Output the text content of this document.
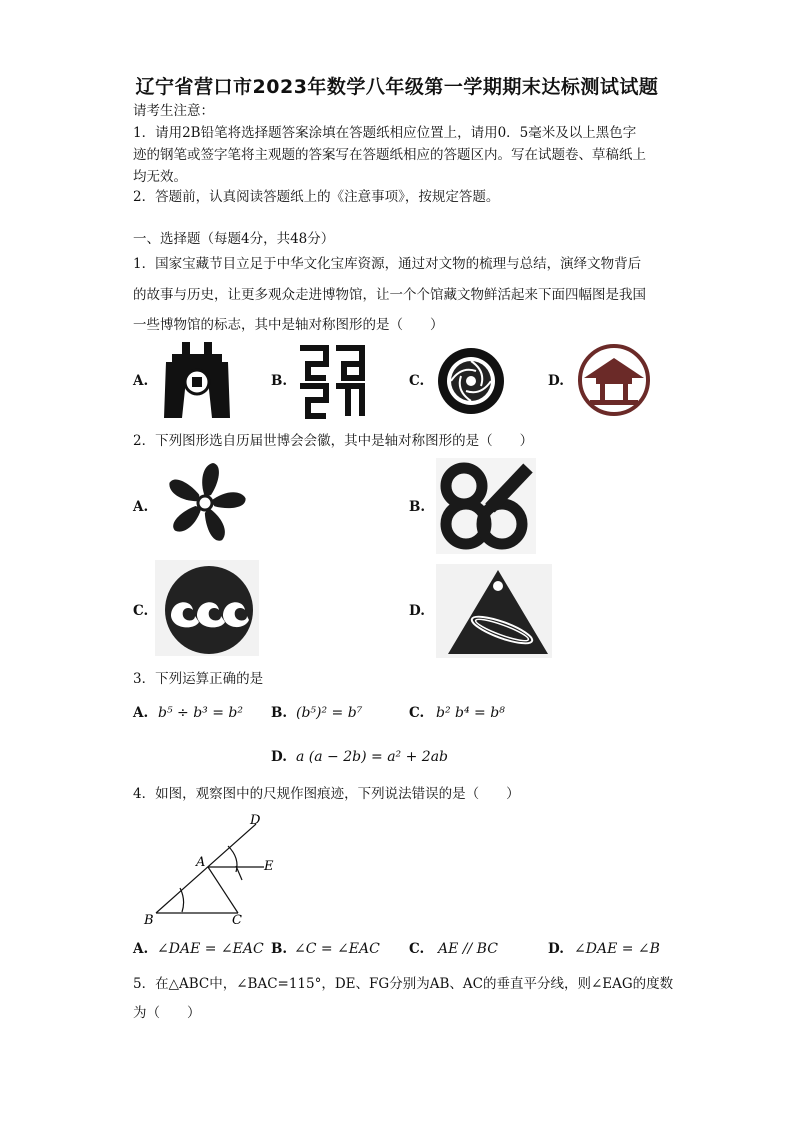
辽宁省营口市2023年数学八年级第一学期期末达标测试试题
请考生注意：
1．请用2B铅笔将选择题答案涂填在答题纸相应位置上，请用0．5毫米及以上黑色字
迹的钢笔或签字笔将主观题的答案写在答题纸相应的答题区内。写在试题卷、草稿纸上
均无效。
2．答题前，认真阅读答题纸上的《注意事项》，按规定答题。
一、选择题（每题4分，共48分）
1．国家宝藏节目立足于中华文化宝库资源，通过对文物的梳理与总结，演绎文物背后
的故事与历史，让更多观众走进博物馆，让一个个馆藏文物鲜活起来下面四幅图是我国
一些博物馆的标志，其中是轴对称图形的是（　　）
A.	B.	C.	D.
2．下列图形选自历届世博会会徽，其中是轴对称图形的是（　　）
A.	B.
C.	D.
3．下列运算正确的是
A. b⁵ ÷ b³ = b² B. (b⁵)² = b⁷	C. b² b⁴ = b⁸
D. a (a − 2b) = a² + 2ab
4．如图，观察图中的尺规作图痕迹，下列说法错误的是（　　）
D
A	E
B	C
A. ∠DAE = ∠EAC B. ∠C = ∠EAC C. AE // BC	D. ∠DAE = ∠B
5．在△ABC中，∠BAC=115°，DE、FG分别为AB、AC的垂直平分线，则∠EAG的度数
为（　　）
